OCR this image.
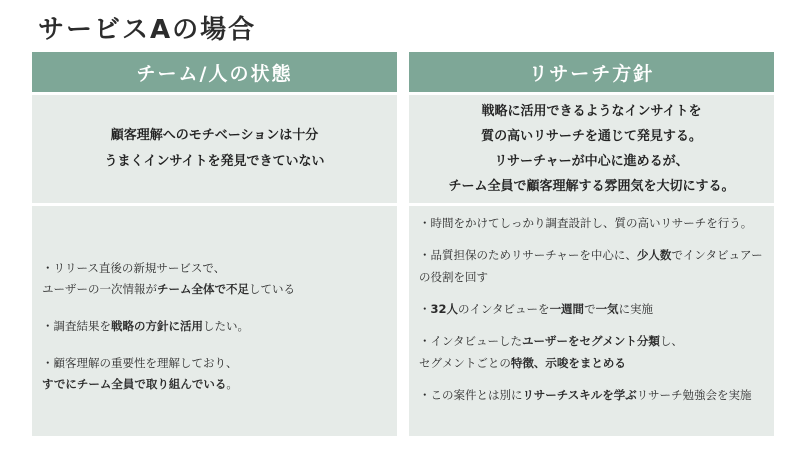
サービスAの場合
チーム/人の状態
顧客理解へのモチベーションは十分
うまくインサイトを発見できていない

・リリース直後の新規サービスで、
ユーザーの一次情報がチーム全体で不足している

・調査結果を戦略の方針に活用したい。

・顧客理解の重要性を理解しており、
すでにチーム全員で取り組んでいる。

リサーチ方針
戦略に活用できるようなインサイトを
質の高いリサーチを通じて発見する。
リサーチャーが中心に進めるが、
チーム全員で顧客理解する雰囲気を大切にする。

・時間をかけてしっかり調査設計し、質の高いリサーチを行う。

・品質担保のためリサーチャーを中心に、少人数でインタビュアーの役割を回す

・32人のインタビューを一週間で一気に実施

・インタビューしたユーザーをセグメント分類し、
セグメントごとの特徴、示唆をまとめる

・この案件とは別にリサーチスキルを学ぶリサーチ勉強会を実施
